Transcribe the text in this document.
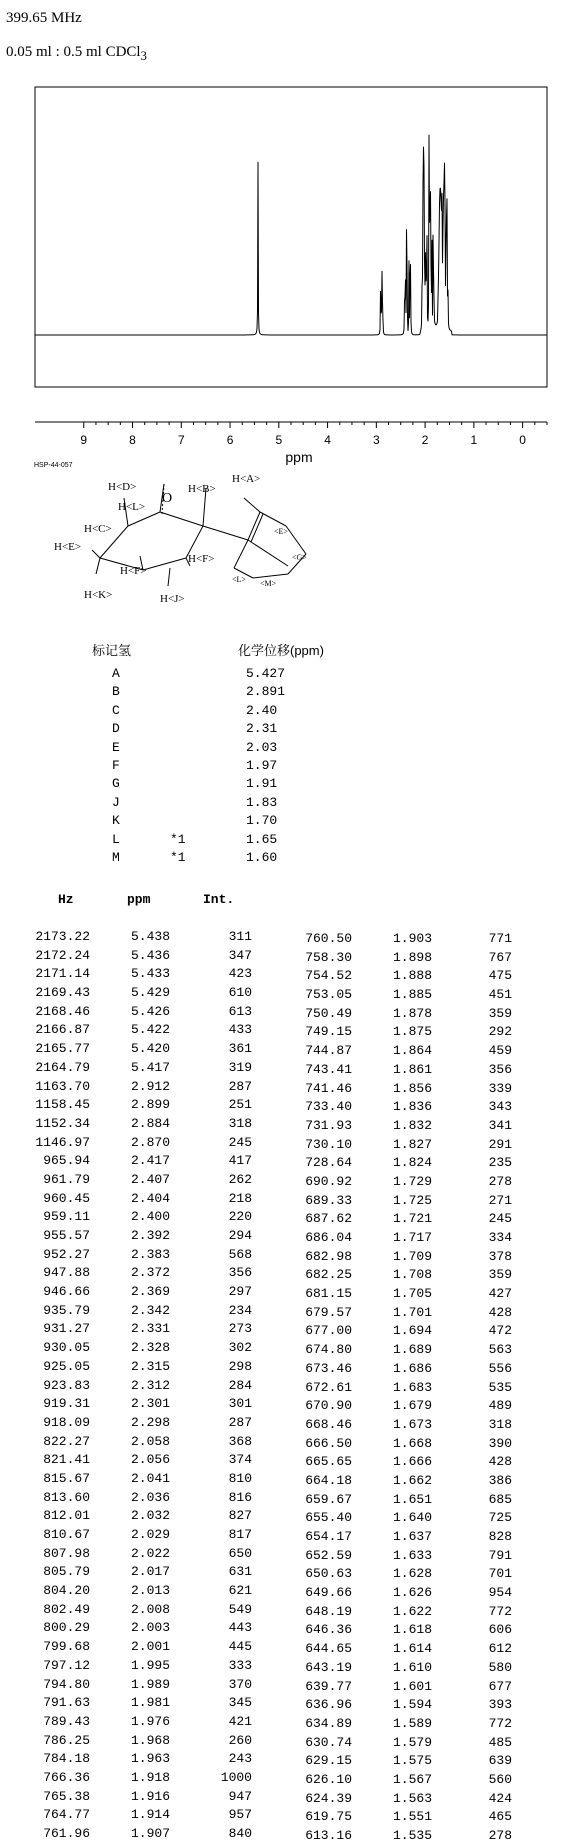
399.65 MHz
0.05 ml : 0.5 ml CDCl$_3$
9	8	7	6	5	4	3	2	1	0
ppm
HSP-44-057
H<D>
H<L>
O
H<B>
H<A>
H<C>
H<E>
H<F>
H<F>
H<K>	H<J>
<E>
<G>
<L> <M>
标记氢	化学位移(ppm)
A	5.427
B	2.891
C	2.40
D	2.31
E	2.03
F	1.97
G	1.91
J	1.83
K	1.70
L	*1	1.65
M	*1	1.60
Hz	ppm	Int.
2173.22	5.438	311
2172.24	5.436	347
2171.14	5.433	423
2169.43	5.429	610
2168.46	5.426	613
2166.87	5.422	433
2165.77	5.420	361
2164.79	5.417	319
1163.70	2.912	287
1158.45	2.899	251
1152.34	2.884	318
1146.97	2.870	245
965.94	2.417	417
961.79	2.407	262
960.45	2.404	218
959.11	2.400	220
955.57	2.392	294
952.27	2.383	568
947.88	2.372	356
946.66	2.369	297
935.79	2.342	234
931.27	2.331	273
930.05	2.328	302
925.05	2.315	298
923.83	2.312	284
919.31	2.301	301
918.09	2.298	287
822.27	2.058	368
821.41	2.056	374
815.67	2.041	810
813.60	2.036	816
812.01	2.032	827
810.67	2.029	817
807.98	2.022	650
805.79	2.017	631
804.20	2.013	621
802.49	2.008	549
800.29	2.003	443
799.68	2.001	445
797.12	1.995	333
794.80	1.989	370
791.63	1.981	345
789.43	1.976	421
786.25	1.968	260
784.18	1.963	243
766.36	1.918	1000
765.38	1.916	947
764.77	1.914	957
761.96	1.907	840
760.50	1.903	771
758.30	1.898	767
754.52	1.888	475
753.05	1.885	451
750.49	1.878	359
749.15	1.875	292
744.87	1.864	459
743.41	1.861	356
741.46	1.856	339
733.40	1.836	343
731.93	1.832	341
730.10	1.827	291
728.64	1.824	235
690.92	1.729	278
689.33	1.725	271
687.62	1.721	245
686.04	1.717	334
682.98	1.709	378
682.25	1.708	359
681.15	1.705	427
679.57	1.701	428
677.00	1.694	472
674.80	1.689	563
673.46	1.686	556
672.61	1.683	535
670.90	1.679	489
668.46	1.673	318
666.50	1.668	390
665.65	1.666	428
664.18	1.662	386
659.67	1.651	685
655.40	1.640	725
654.17	1.637	828
652.59	1.633	791
650.63	1.628	701
649.66	1.626	954
648.19	1.622	772
646.36	1.618	606
644.65	1.614	612
643.19	1.610	580
639.77	1.601	677
636.96	1.594	393
634.89	1.589	772
630.74	1.579	485
629.15	1.575	639
626.10	1.567	560
624.39	1.563	424
619.75	1.551	465
613.16	1.535	278
